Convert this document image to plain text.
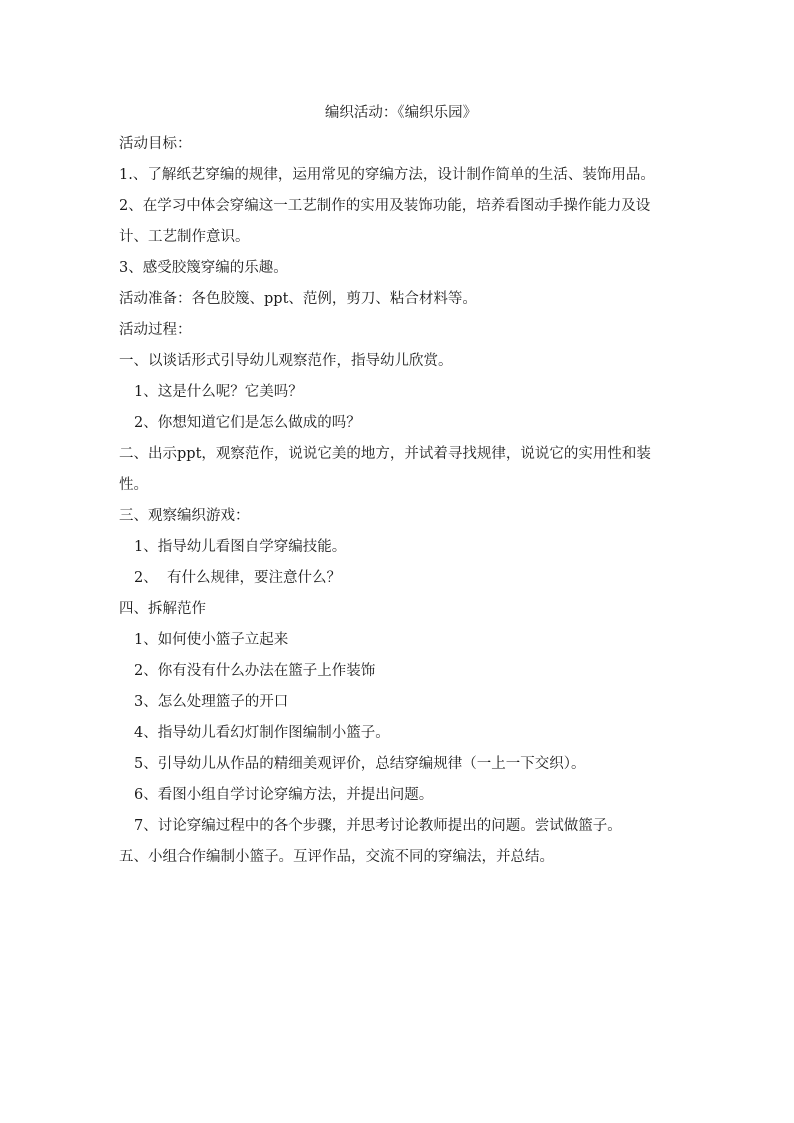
编织活动：《编织乐园》

活动目标：

1.、了解纸艺穿编的规律，运用常见的穿编方法，设计制作简单的生活、装饰用品。

2、在学习中体会穿编这一工艺制作的实用及装饰功能，培养看图动手操作能力及设计、工艺制作意识。

3、感受胶篾穿编的乐趣。

活动准备：各色胶篾、ppt、范例，剪刀、粘合材料等。

活动过程：

一、以谈话形式引导幼儿观察范作，指导幼儿欣赏。

1、这是什么呢？它美吗？

2、你想知道它们是怎么做成的吗？

二、出示ppt，观察范作，说说它美的地方，并试着寻找规律，说说它的实用性和装性。

三、观察编织游戏：

1、指导幼儿看图自学穿编技能。

2、  有什么规律，要注意什么？

四、拆解范作

1、如何使小篮子立起来

2、你有没有什么办法在篮子上作装饰

3、怎么处理篮子的开口

4、指导幼儿看幻灯制作图编制小篮子。

5、引导幼儿从作品的精细美观评价，总结穿编规律（一上一下交织）。

6、看图小组自学讨论穿编方法，并提出问题。

7、讨论穿编过程中的各个步骤，并思考讨论教师提出的问题。尝试做篮子。

五、小组合作编制小篮子。互评作品，交流不同的穿编法，并总结。
